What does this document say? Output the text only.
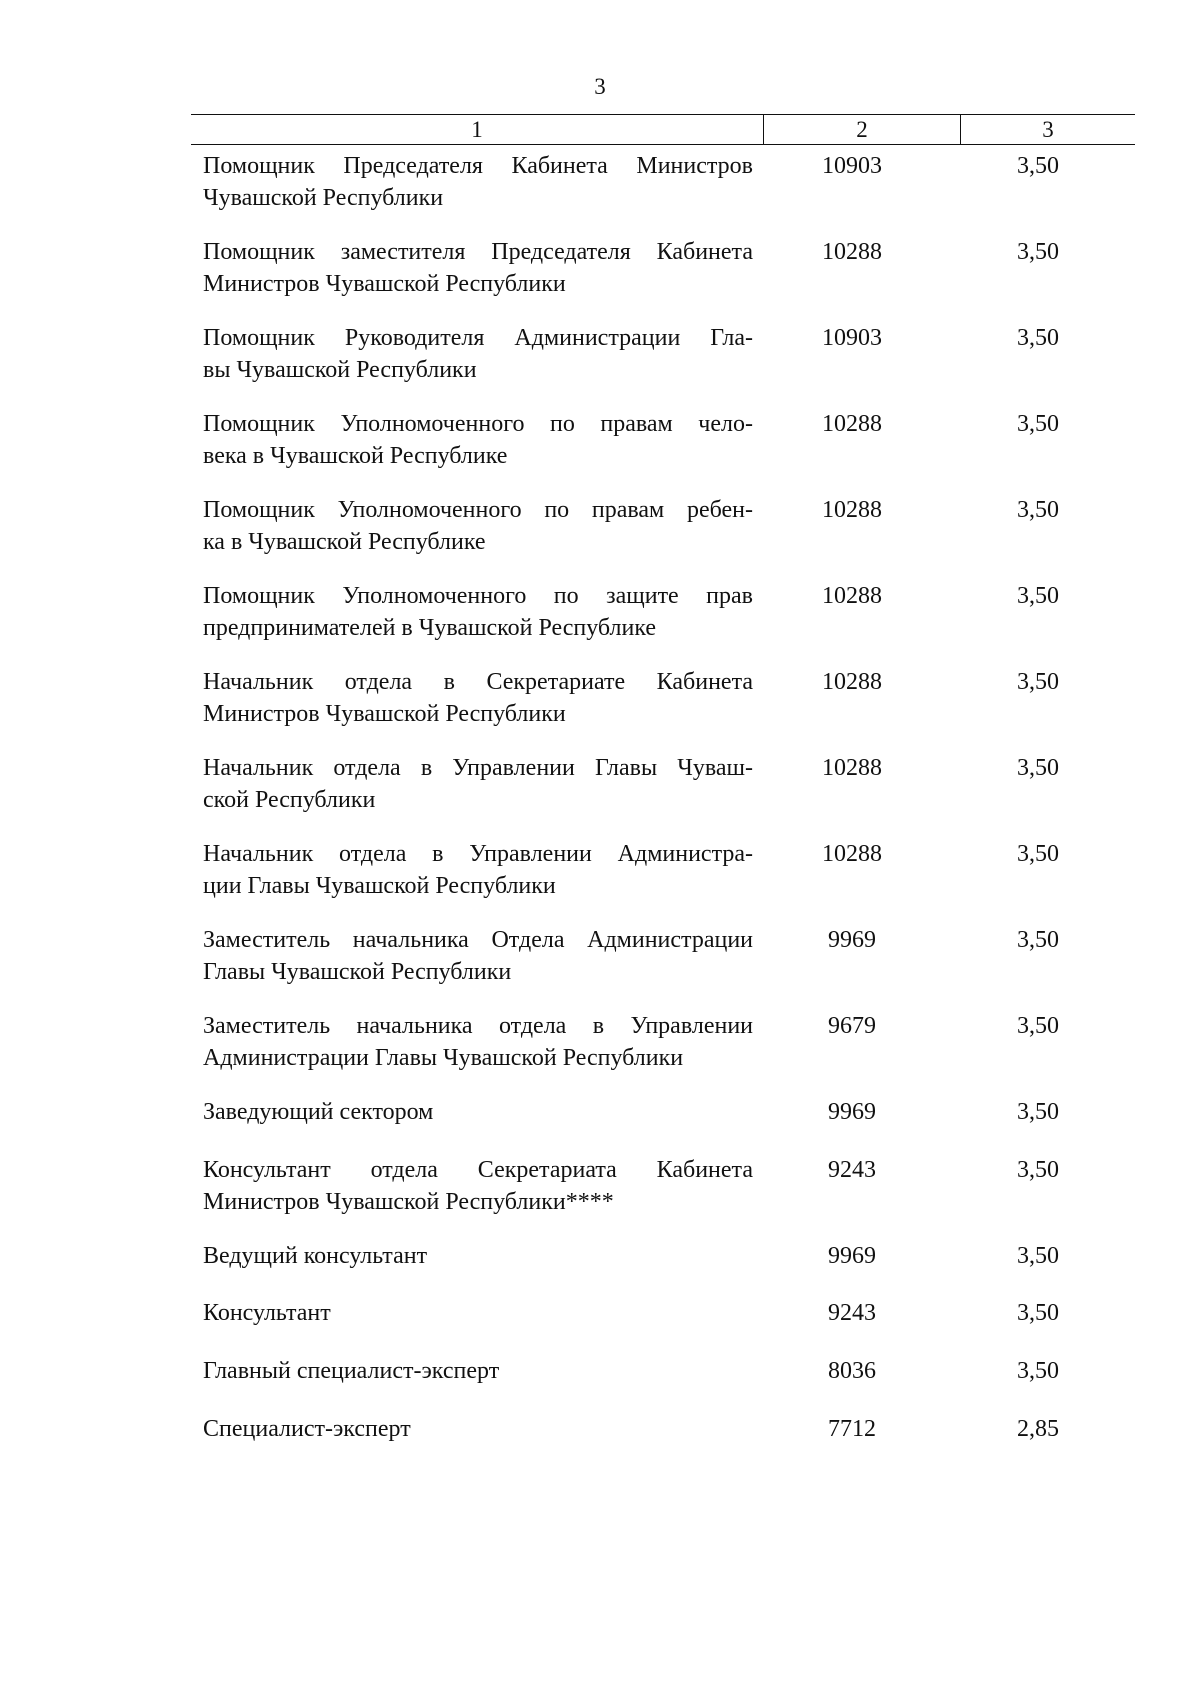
3
1	2	3
Помощник Председателя Кабинета Министров
Чувашской Республики
10903	3,50
Помощник заместителя Председателя Кабинета
Министров Чувашской Республики
10288	3,50
Помощник Руководителя Администрации Гла-
вы Чувашской Республики
10903	3,50
Помощник Уполномоченного по правам чело-
века в Чувашской Республике
10288	3,50
Помощник Уполномоченного по правам ребен-
ка в Чувашской Республике
10288	3,50
Помощник Уполномоченного по защите прав
предпринимателей в Чувашской Республике
10288	3,50
Начальник отдела в Секретариате Кабинета
Министров Чувашской Республики
10288	3,50
Начальник отдела в Управлении Главы Чуваш-
ской Республики
10288	3,50
Начальник отдела в Управлении Администра-
ции Главы Чувашской Республики
10288	3,50
Заместитель начальника Отдела Администрации
Главы Чувашской Республики
9969	3,50
Заместитель начальника отдела в Управлении
Администрации Главы Чувашской Республики
9679	3,50
Заведующий сектором	9969	3,50
Консультант отдела Секретариата Кабинета
Министров Чувашской Республики****
9243	3,50
Ведущий консультант	9969	3,50
Консультант	9243	3,50
Главный специалист-эксперт	8036	3,50
Специалист-эксперт	7712	2,85
